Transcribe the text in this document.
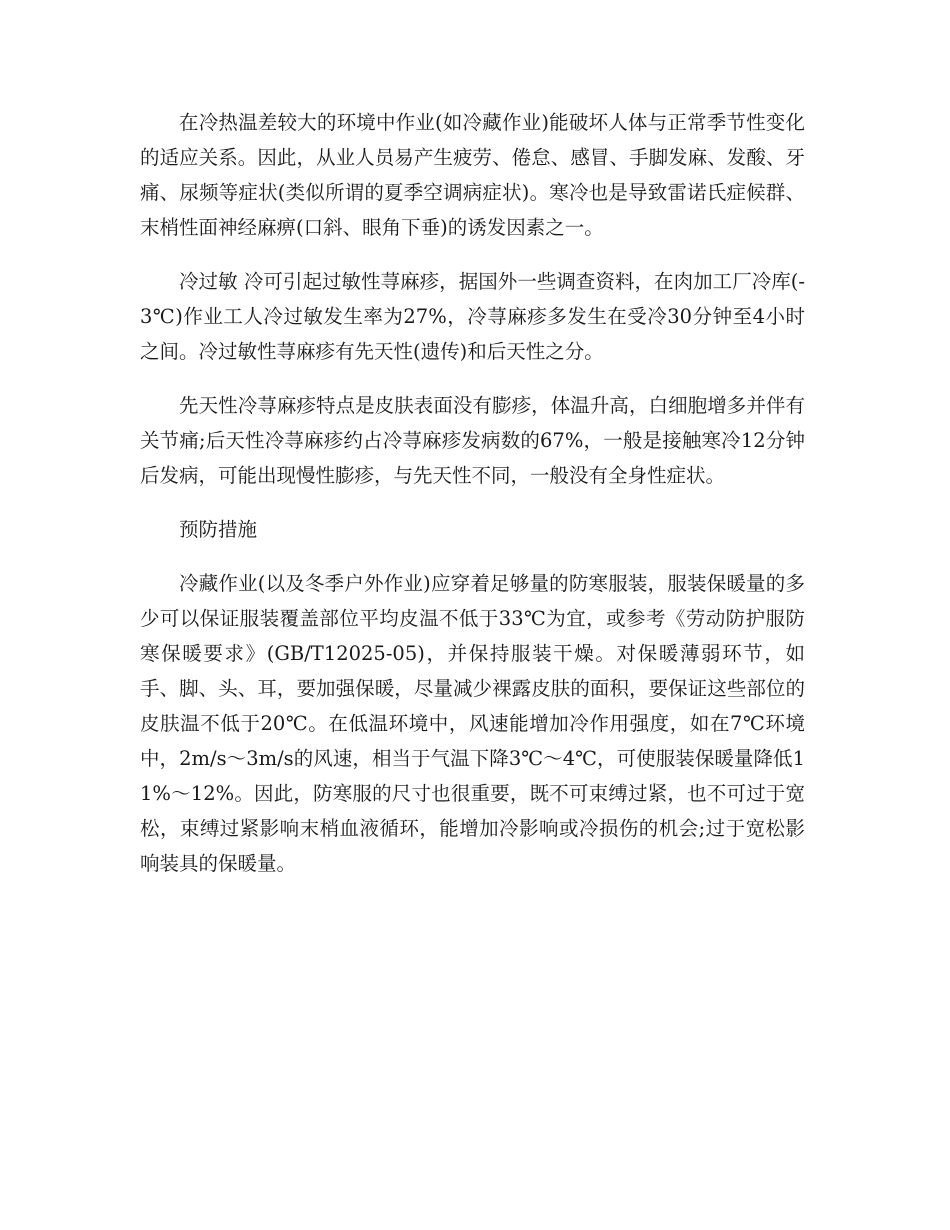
在冷热温差较大的环境中作业(如冷藏作业)能破坏人体与正常季节性变化的适应关系。因此，从业人员易产生疲劳、倦怠、感冒、手脚发麻、发酸、牙痛、尿频等症状(类似所谓的夏季空调病症状)。寒冷也是导致雷诺氏症候群、末梢性面神经麻痹(口斜、眼角下垂)的诱发因素之一。

冷过敏 冷可引起过敏性荨麻疹，据国外一些调查资料，在肉加工厂冷库(-3℃)作业工人冷过敏发生率为27%，冷荨麻疹多发生在受冷30分钟至4小时之间。冷过敏性荨麻疹有先天性(遗传)和后天性之分。

先天性冷荨麻疹特点是皮肤表面没有膨疹，体温升高，白细胞增多并伴有关节痛;后天性冷荨麻疹约占冷荨麻疹发病数的67%，一般是接触寒冷12分钟后发病，可能出现慢性膨疹，与先天性不同，一般没有全身性症状。

预防措施

冷藏作业(以及冬季户外作业)应穿着足够量的防寒服装，服装保暖量的多少可以保证服装覆盖部位平均皮温不低于33℃为宜，或参考《劳动防护服防寒保暖要求》(GB/T12025-05)，并保持服装干燥。对保暖薄弱环节，如手、脚、头、耳，要加强保暖，尽量减少裸露皮肤的面积，要保证这些部位的皮肤温不低于20℃。在低温环境中，风速能增加冷作用强度，如在7℃环境中，2m/s～3m/s的风速，相当于气温下降3℃～4℃，可使服装保暖量降低11%～12%。因此，防寒服的尺寸也很重要，既不可束缚过紧，也不可过于宽松，束缚过紧影响末梢血液循环，能增加冷影响或冷损伤的机会;过于宽松影响装具的保暖量。
